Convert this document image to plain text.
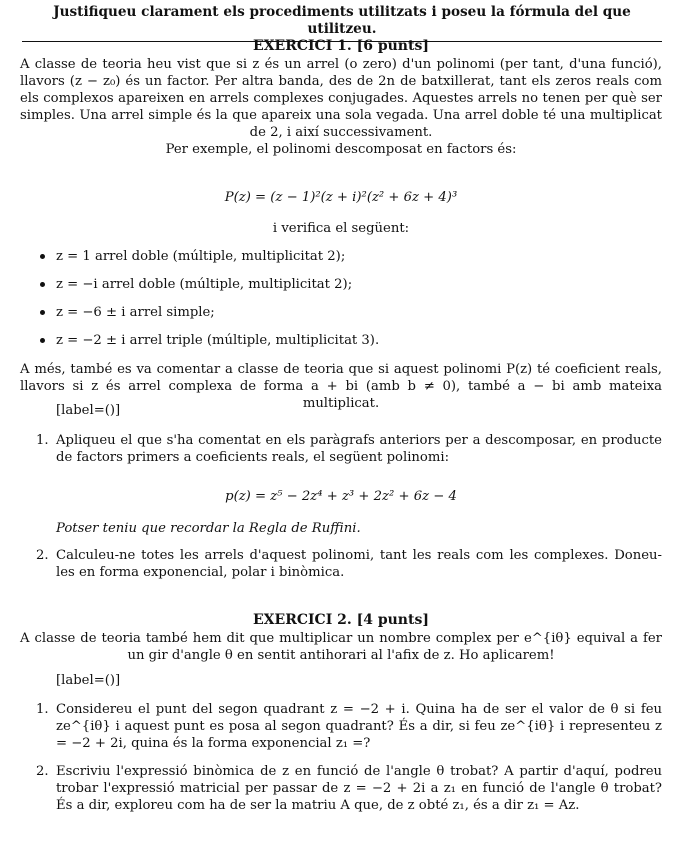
Justifiqueu clarament els procediments utilitzats i poseu la fórmula del que utilitzeu.
EXERCICI 1. [6 punts]
A classe de teoria heu vist que si z és un arrel (o zero) d'un polinomi (per tant, d'una funció), llavors (z − z₀) és un factor. Per altra banda, des de 2n de batxillerat, tant els zeros reals com els complexos apareixen en arrels complexes conjugades. Aquestes arrels no tenen per què ser simples. Una arrel simple és la que apareix una sola vegada. Una arrel doble té una multiplicat de 2, i així successivament.
Per exemple, el polinomi descomposat en factors és:
P(z) = (z − 1)²(z + i)²(z² + 6z + 4)³
i verifica el següent:
z = 1 arrel doble (múltiple, multiplicitat 2);
z = −i arrel doble (múltiple, multiplicitat 2);
z = −6 ± i arrel simple;
z = −2 ± i arrel triple (múltiple, multiplicitat 3).
A més, també es va comentar a classe de teoria que si aquest polinomi P(z) té coeficient reals, llavors si z és arrel complexa de forma a + bi (amb b ≠ 0), també a − bi amb mateixa multiplicat.
[label=()]
1. Apliqueu el que s'ha comentat en els paràgrafs anteriors per a descomposar, en producte de factors primers a coeficients reals, el següent polinomi:
p(z) = z⁵ − 2z⁴ + z³ + 2z² + 6z − 4
Potser teniu que recordar la Regla de Ruffini.
2. Calculeu-ne totes les arrels d'aquest polinomi, tant les reals com les complexes. Doneu-les en forma exponencial, polar i binòmica.
EXERCICI 2. [4 punts]
A classe de teoria també hem dit que multiplicar un nombre complex per e^{iθ} equival a fer un gir d'angle θ en sentit antihorari al l'afix de z. Ho aplicarem!
[label=()]
1. Considereu el punt del segon quadrant z = −2 + i. Quina ha de ser el valor de θ si feu ze^{iθ} i aquest punt es posa al segon quadrant? És a dir, si feu ze^{iθ} i representeu z = −2 + 2i, quina és la forma exponencial z₁ =?
2. Escriviu l'expressió binòmica de z en funció de l'angle θ trobat? A partir d'aquí, podreu trobar l'expressió matricial per passar de z = −2 + 2i a z₁ en funció de l'angle θ trobat? És a dir, exploreu com ha de ser la matriu A que, de z obté z₁, és a dir z₁ = Az.
